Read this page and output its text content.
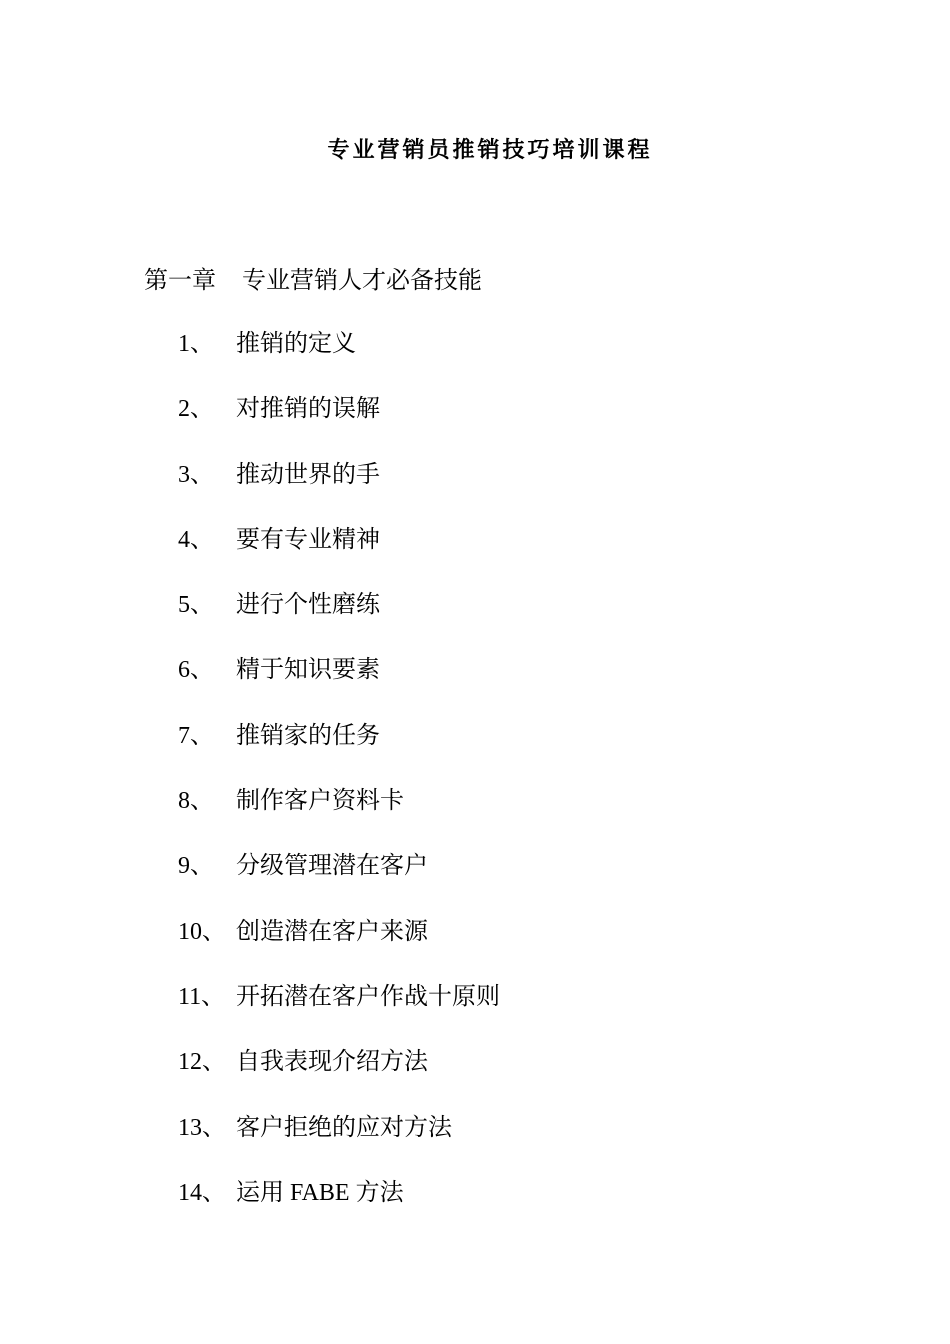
专业营销员推销技巧培训课程
第一章 专业营销人才必备技能
1、 推销的定义
2、 对推销的误解
3、 推动世界的手
4、 要有专业精神
5、 进行个性磨练
6、 精于知识要素
7、 推销家的任务
8、 制作客户资料卡
9、 分级管理潜在客户
10、 创造潜在客户来源
11、 开拓潜在客户作战十原则
12、 自我表现介绍方法
13、 客户拒绝的应对方法
14、 运用 FABE 方法
